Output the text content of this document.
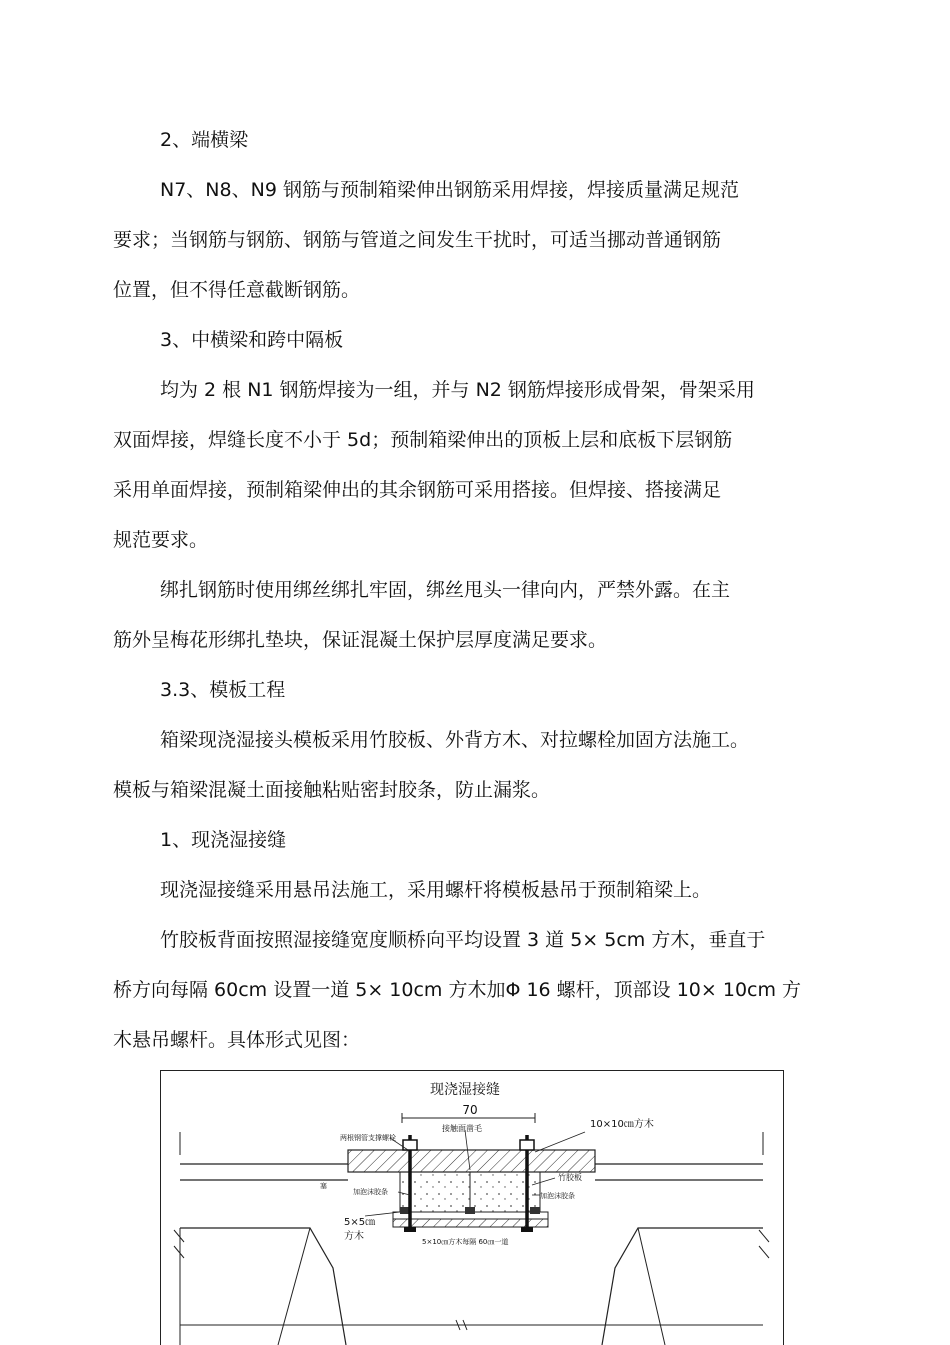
2、端横梁
N7、N8、N9 钢筋与预制箱梁伸出钢筋采用焊接，焊接质量满足规范
要求；当钢筋与钢筋、钢筋与管道之间发生干扰时，可适当挪动普通钢筋
位置，但不得任意截断钢筋。
3、中横梁和跨中隔板
均为 2 根 N1 钢筋焊接为一组，并与 N2 钢筋焊接形成骨架，骨架采用
双面焊接，焊缝长度不小于 5d；预制箱梁伸出的顶板上层和底板下层钢筋
采用单面焊接，预制箱梁伸出的其余钢筋可采用搭接。但焊接、搭接满足
规范要求。
绑扎钢筋时使用绑丝绑扎牢固，绑丝甩头一律向内，严禁外露。在主
筋外呈梅花形绑扎垫块，保证混凝土保护层厚度满足要求。
3.3、模板工程
箱梁现浇湿接头模板采用竹胶板、外背方木、对拉螺栓加固方法施工。
模板与箱梁混凝土面接触粘贴密封胶条，防止漏浆。
1、现浇湿接缝
现浇湿接缝采用悬吊法施工，采用螺杆将模板悬吊于预制箱梁上。
竹胶板背面按照湿接缝宽度顺桥向平均设置 3 道 5× 5cm 方木，垂直于
桥方向每隔 60cm 设置一道 5× 10cm 方木加Φ 16 螺杆，顶部设 10× 10cm 方
木悬吊螺杆。具体形式见图：
现浇湿接缝
70
接触面凿毛	10×10㎝方木
两根钢管支撑螺栓
竹胶板
加泡沫胶条	加泡沫胶条
5×5㎝
方木	5×10㎝方木每隔 60㎝一道
塞
